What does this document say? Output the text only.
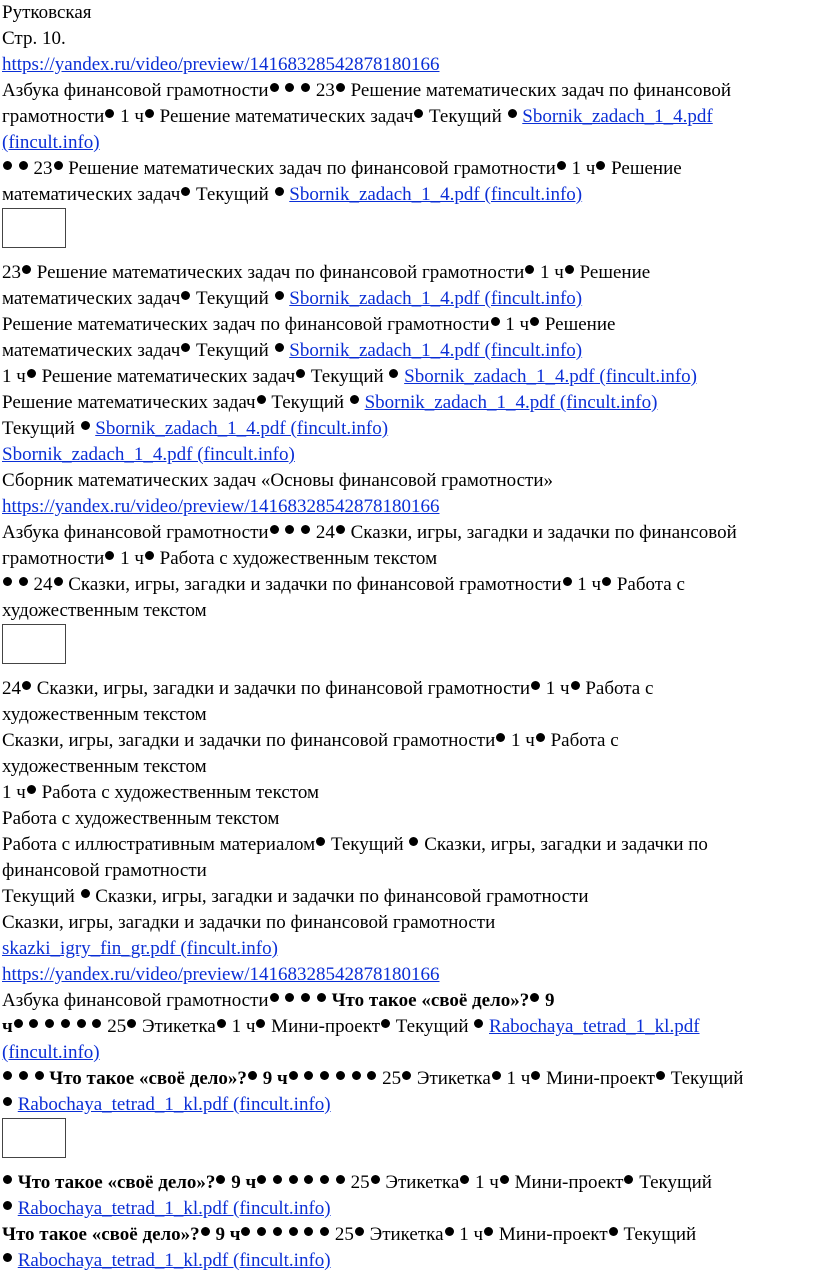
Рутковская
Стр. 10.
https://yandex.ru/video/preview/14168328542878180166
Азбука финансовой грамотности 23 Решение математических задач по финансовой
грамотности 1 ч Решение математических задач Текущий Sbornik_zadach_1_4.pdf
(fincult.info)
23 Решение математических задач по финансовой грамотности 1 ч Решение
математических задач Текущий Sbornik_zadach_1_4.pdf (fincult.info)
23 Решение математических задач по финансовой грамотности 1 ч Решение
математических задач Текущий Sbornik_zadach_1_4.pdf (fincult.info)
Решение математических задач по финансовой грамотности 1 ч Решение
математических задач Текущий Sbornik_zadach_1_4.pdf (fincult.info)
1 ч Решение математических задач Текущий Sbornik_zadach_1_4.pdf (fincult.info)
Решение математических задач Текущий Sbornik_zadach_1_4.pdf (fincult.info)
Текущий Sbornik_zadach_1_4.pdf (fincult.info)
Sbornik_zadach_1_4.pdf (fincult.info)
Сборник математических задач «Основы финансовой грамотности»
https://yandex.ru/video/preview/14168328542878180166
Азбука финансовой грамотности 24 Сказки, игры, загадки и задачки по финансовой
грамотности 1 ч Работа с художественным текстом
24 Сказки, игры, загадки и задачки по финансовой грамотности 1 ч Работа с
художественным текстом
24 Сказки, игры, загадки и задачки по финансовой грамотности 1 ч Работа с
художественным текстом
Сказки, игры, загадки и задачки по финансовой грамотности 1 ч Работа с
художественным текстом
1 ч Работа с художественным текстом
Работа с художественным текстом
Работа с иллюстративным материалом Текущий Сказки, игры, загадки и задачки по
финансовой грамотности
Текущий Сказки, игры, загадки и задачки по финансовой грамотности
Сказки, игры, загадки и задачки по финансовой грамотности
skazki_igry_fin_gr.pdf (fincult.info)
https://yandex.ru/video/preview/14168328542878180166
Азбука финансовой грамотности	Что такое «своё дело»? 9
ч	25 Этикетка 1 ч Мини-проект Текущий Rabochaya_tetrad_1_kl.pdf
(fincult.info)
Что такое «своё дело»? 9 ч	25 Этикетка 1 ч Мини-проект Текущий
Rabochaya_tetrad_1_kl.pdf (fincult.info)
Что такое «своё дело»? 9 ч	25 Этикетка 1 ч Мини-проект Текущий
Rabochaya_tetrad_1_kl.pdf (fincult.info)
Что такое «своё дело»? 9 ч	25 Этикетка 1 ч Мини-проект Текущий
Rabochaya_tetrad_1_kl.pdf (fincult.info)
